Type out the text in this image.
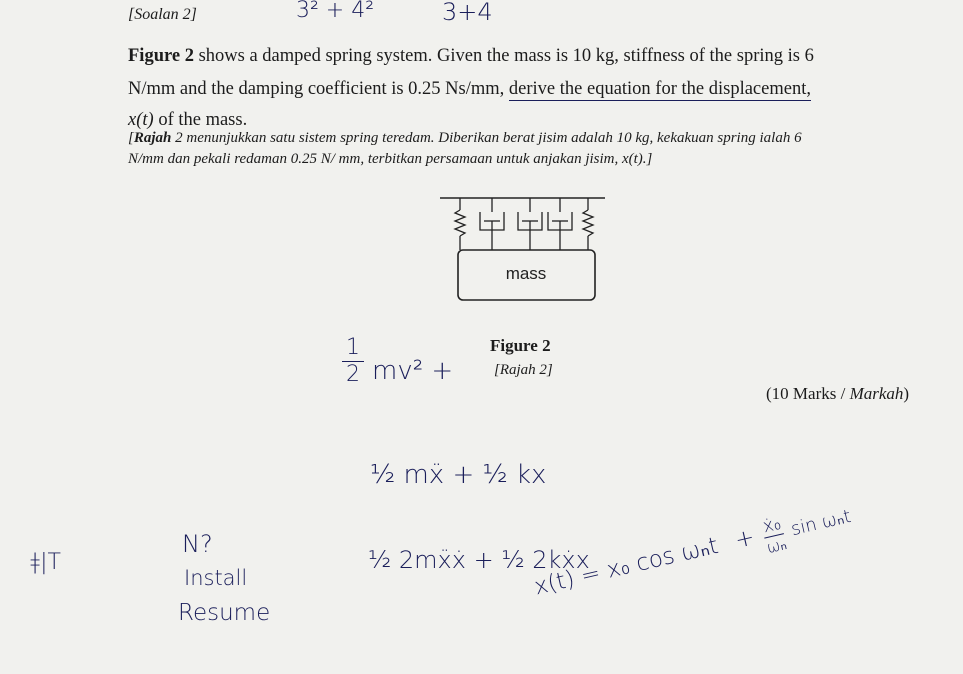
3² + 4²	3+4
[Soalan 2]
Figure 2 shows a damped spring system. Given the mass is 10 kg, stiffness of the spring is 6
N/mm and the damping coefficient is 0.25 Ns/mm, derive the equation for the displacement,
x(t) of the mass.
[Rajah 2 menunjukkan satu sistem spring teredam. Diberikan berat jisim adalah 10 kg, kekakuan spring ialah 6
N/mm dan pekali redaman 0.25 N/ mm, terbitkan persamaan untuk anjakan jisim, x(t).]
mass
Figure 2
[Rajah 2]
(10 Marks / Markah)
1
2 mv² +
½ mẍ + ½ kx
½ 2mẍẋ + ½ 2kẋx
ǂ|T
N?
Install
Resume
x(t) = x₀ cos ωₙt + ẋ₀
ωₙ
sin ωₙt
